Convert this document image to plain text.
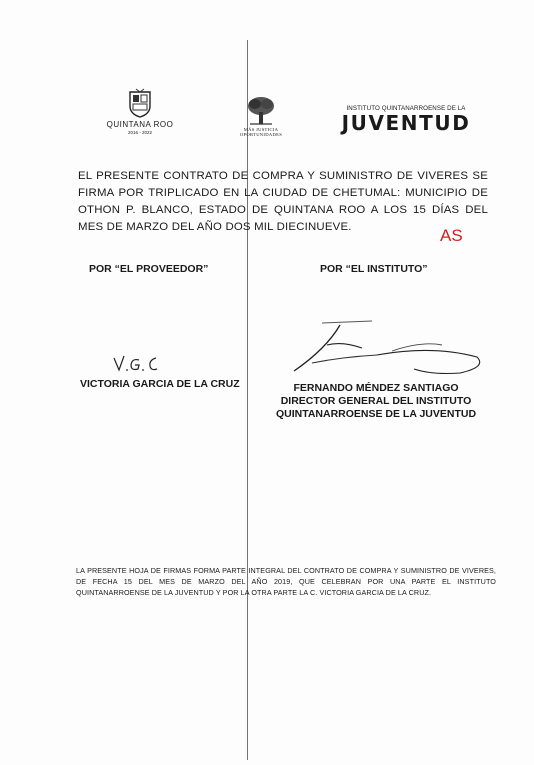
QUINTANA ROO
2016 - 2022
MÁS JUSTICIA
OPORTUNIDADES
INSTITUTO QUINTANARROENSE DE LA
JUVENTUD
EL PRESENTE CONTRATO DE COMPRA Y SUMINISTRO DE VIVERES SE FIRMA POR TRIPLICADO EN LA CIUDAD DE CHETUMAL: MUNICIPIO DE OTHON P. BLANCO, ESTADO DE QUINTANA ROO A LOS 15 DÍAS DEL MES DE MARZO DEL AÑO DOS MIL DIECINUEVE.	AS
POR “EL PROVEEDOR”	POR “EL INSTITUTO”
VICTORIA GARCIA DE LA CRUZ	FERNANDO MÉNDEZ SANTIAGO
DIRECTOR GENERAL DEL INSTITUTO
QUINTANARROENSE DE LA JUVENTUD
LA PRESENTE HOJA DE FIRMAS FORMA PARTE INTEGRAL DEL CONTRATO DE COMPRA Y SUMINISTRO DE VIVERES, DE FECHA 15 DEL MES DE MARZO DEL AÑO 2019, QUE CELEBRAN POR UNA PARTE EL INSTITUTO QUINTANARROENSE DE LA JUVENTUD Y POR LA OTRA PARTE LA C. VICTORIA GARCIA DE LA CRUZ.
